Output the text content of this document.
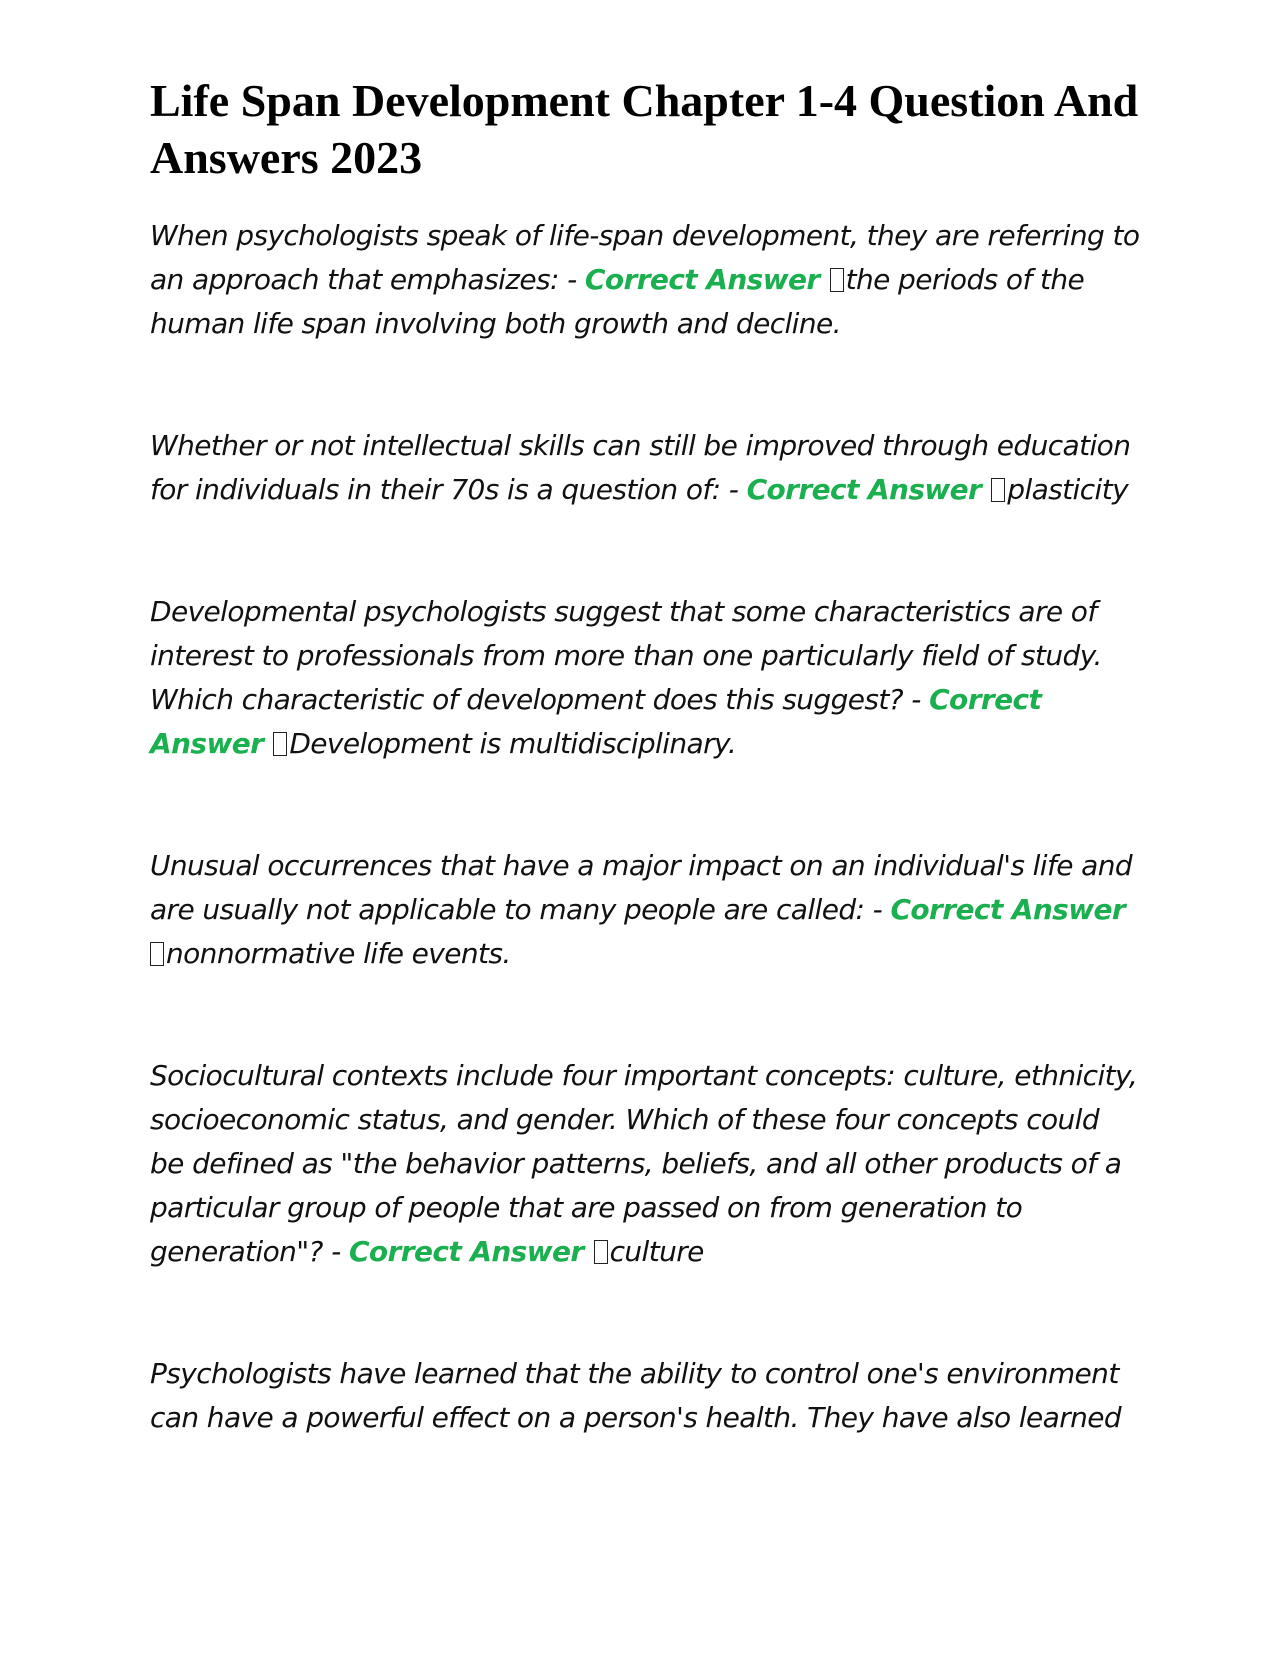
Life Span Development Chapter 1-4 Question And Answers 2023

When psychologists speak of life-span development, they are referring to an approach that emphasizes: - Correct Answer the periods of the human life span involving both growth and decline.

Whether or not intellectual skills can still be improved through education for individuals in their 70s is a question of: - Correct Answer plasticity

Developmental psychologists suggest that some characteristics are of interest to professionals from more than one particularly field of study. Which characteristic of development does this suggest? - Correct Answer Development is multidisciplinary.

Unusual occurrences that have a major impact on an individual's life and are usually not applicable to many people are called: - Correct Answernonnormative life events.

Sociocultural contexts include four important concepts: culture, ethnicity, socioeconomic status, and gender. Which of these four concepts could be defined as "the behavior patterns, beliefs, and all other products of a particular group of people that are passed on from generation to generation"? - Correct Answer culture

Psychologists have learned that the ability to control one's environment can have a powerful effect on a person's health. They have also learned
